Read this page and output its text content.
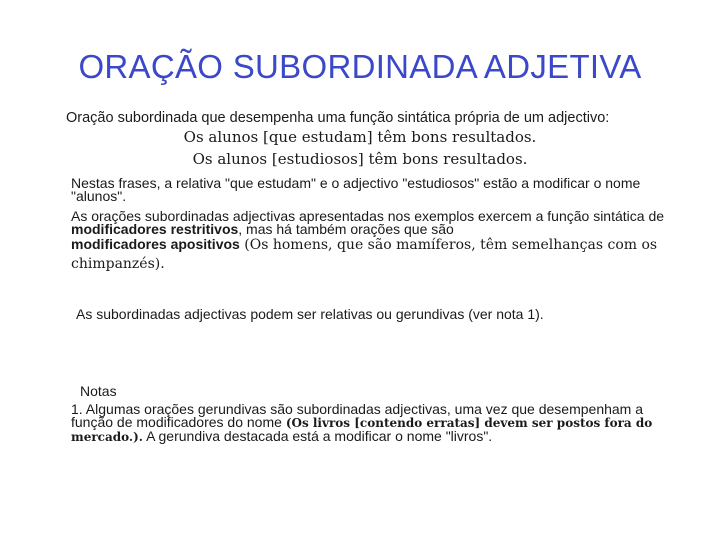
ORAÇÃO SUBORDINADA ADJETIVA
Oração subordinada que desempenha uma função sintática própria de um adjectivo:
Os alunos [que estudam] têm bons resultados.
Os alunos [estudiosos] têm bons resultados.
Nestas frases, a relativa "que estudam" e o adjectivo "estudiosos" estão a modificar o nome "alunos".
As orações subordinadas adjectivas apresentadas nos exemplos exercem a função sintática de modificadores restritivos, mas há também orações que são
modificadores apositivos (Os homens, que são mamíferos, têm semelhanças com os chimpanzés).
As subordinadas adjectivas podem ser relativas ou gerundivas (ver nota 1).
Notas
1. Algumas orações gerundivas são subordinadas adjectivas, uma vez que desempenham a função de modificadores do nome (Os livros [contendo erratas] devem ser postos fora do mercado.). A gerundiva destacada está a modificar o nome "livros".
